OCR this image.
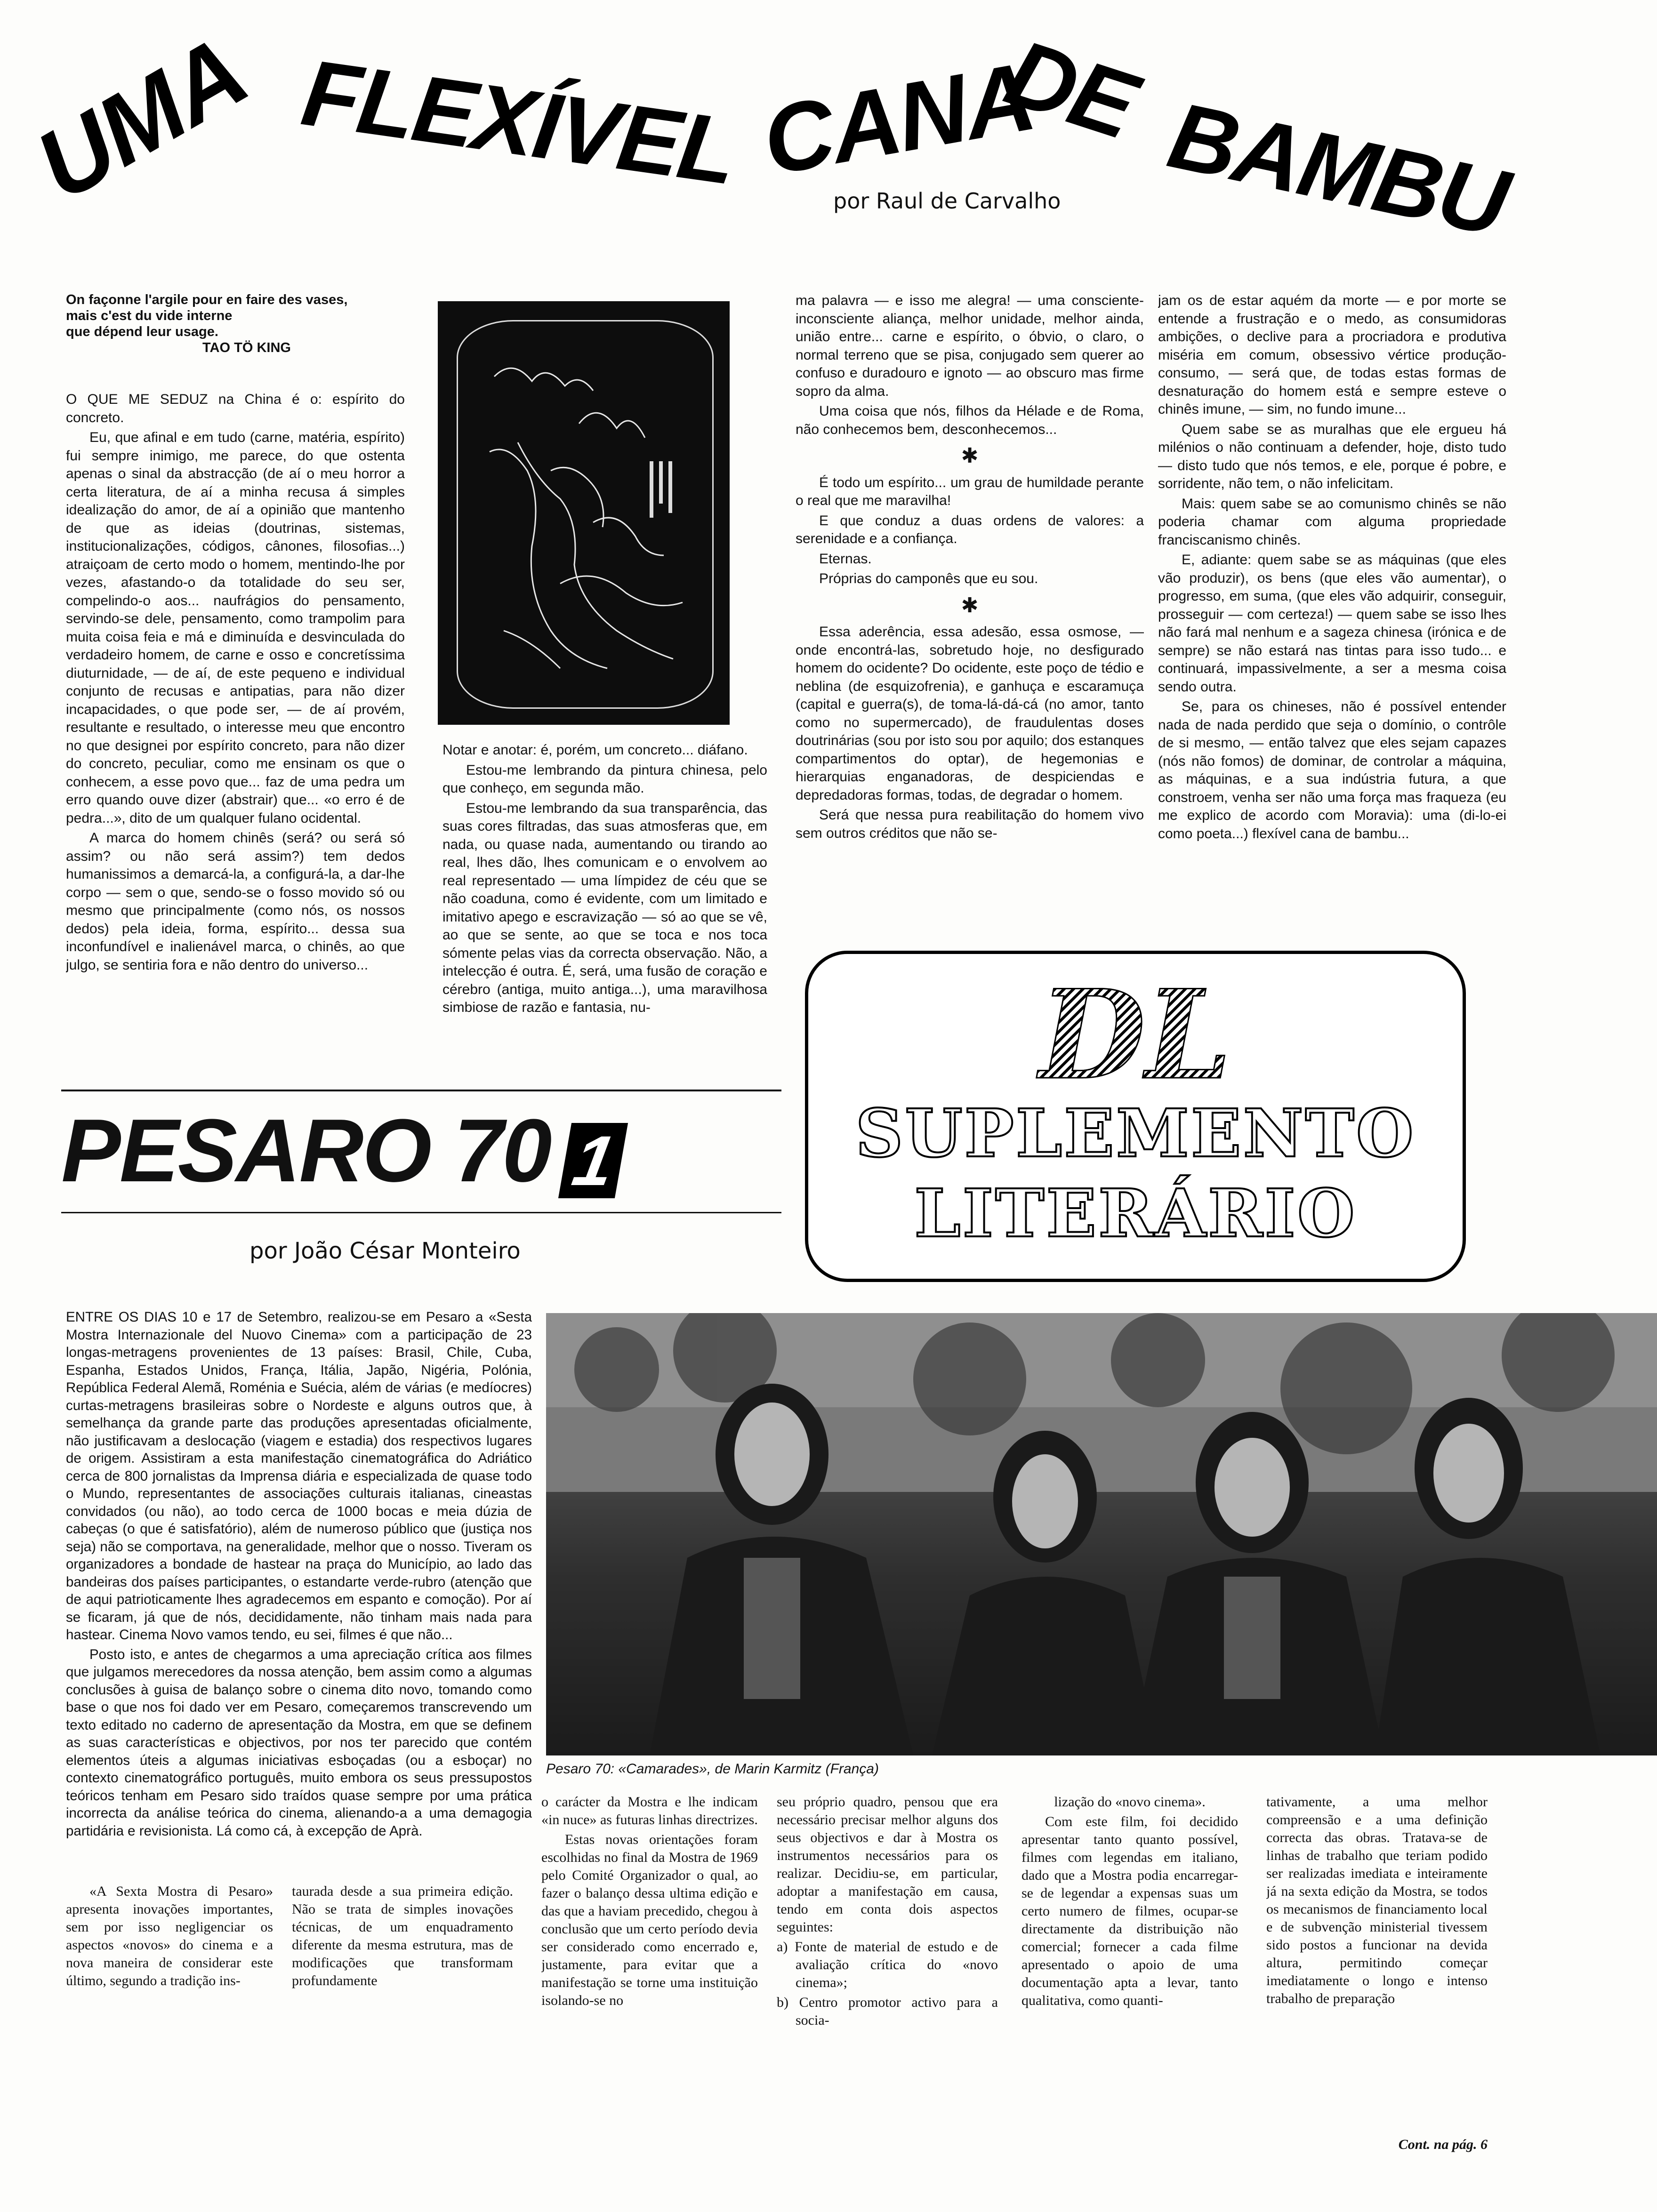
UMA FLEXÍVEL CANA
DE BAMBU
por Raul de Carvalho
On façonne l'argile pour en faire des vases,
mais c'est du vide interne
que dépend leur usage.
TAO TÖ KING

O QUE ME SEDUZ na China é o: espírito do concreto.

Eu, que afinal e em tudo (carne, matéria, espírito) fui sempre inimigo, me parece, do que ostenta apenas o sinal da abstracção (de aí o meu horror a certa literatura, de aí a minha recusa á simples idealização do amor, de aí a opinião que mantenho de que as ideias (doutrinas, sistemas, institucionalizações, códigos, cânones, filosofias...) atraiçoam de certo modo o homem, mentindo-lhe por vezes, afastando-o da totalidade do seu ser, compelindo-o aos... naufrágios do pensamento, servindo-se dele, pensamento, como trampolim para muita coisa feia e má e diminuída e desvinculada do verdadeiro homem, de carne e osso e concretíssima diuturnidade, — de aí, de este pequeno e individual conjunto de recusas e antipatias, para não dizer incapacidades, o que pode ser, — de aí provém, resultante e resultado, o interesse meu que encontro no que designei por espírito concreto, para não dizer do concreto, peculiar, como me ensinam os que o conhecem, a esse povo que... faz de uma pedra um erro quando ouve dizer (abstrair) que... «o erro é de pedra...», dito de um qualquer fulano ocidental.

A marca do homem chinês (será? ou será só assim? ou não será assim?) tem dedos humanissimos a demarcá-la, a configurá-la, a dar-lhe corpo — sem o que, sendo-se o fosso movido só ou mesmo que principalmente (como nós, os nossos dedos) pela ideia, forma, espírito... dessa sua inconfundível e inalienável marca, o chinês, ao que julgo, se sentiria fora e não dentro do universo...

Notar e anotar: é, porém, um concreto... diáfano.

Estou-me lembrando da pintura chinesa, pelo que conheço, em segunda mão.

Estou-me lembrando da sua transparência, das suas cores filtradas, das suas atmosferas que, em nada, ou quase nada, aumentando ou tirando ao real, lhes dão, lhes comunicam e o envolvem ao real representado — uma límpidez de céu que se não coaduna, como é evidente, com um limitado e imitativo apego e escravização — só ao que se vê, ao que se sente, ao que se toca e nos toca sómente pelas vias da correcta observação. Não, a intelecção é outra. É, será, uma fusão de coração e cérebro (antiga, muito antiga...), uma maravilhosa simbiose de razão e fantasia, nu-

ma palavra — e isso me alegra! — uma consciente-inconsciente aliança, melhor unidade, melhor ainda, união entre... carne e espírito, o óbvio, o claro, o normal terreno que se pisa, conjugado sem querer ao confuso e duradouro e ignoto — ao obscuro mas firme sopro da alma.

Uma coisa que nós, filhos da Hélade e de Roma, não conhecemos bem, desconhecemos...

✱

É todo um espírito... um grau de humildade perante o real que me maravilha!

E que conduz a duas ordens de valores: a serenidade e a confiança.

Eternas.

Próprias do camponês que eu sou.

✱

Essa aderência, essa adesão, essa osmose, — onde encontrá-las, sobretudo hoje, no desfigurado homem do ocidente? Do ocidente, este poço de tédio e neblina (de esquizofrenia), e ganhuça e escaramuça (capital e guerra(s), de toma-lá-dá-cá (no amor, tanto como no supermercado), de fraudulentas doses doutrinárias (sou por isto sou por aquilo; dos estanques compartimentos do optar), de hegemonias e hierarquias enganadoras, de despiciendas e depredadoras formas, todas, de degradar o homem.

Será que nessa pura reabilitação do homem vivo sem outros créditos que não se-

jam os de estar aquém da morte — e por morte se entende a frustração e o medo, as consumidoras ambições, o declive para a procriadora e produtiva miséria em comum, obsessivo vértice produção-consumo, — será que, de todas estas formas de desnaturação do homem está e sempre esteve o chinês imune, — sim, no fundo imune...

Quem sabe se as muralhas que ele ergueu há milénios o não continuam a defender, hoje, disto tudo — disto tudo que nós temos, e ele, porque é pobre, e sorridente, não tem, o não infelicitam.

Mais: quem sabe se ao comunismo chinês se não poderia chamar com alguma propriedade franciscanismo chinês.

E, adiante: quem sabe se as máquinas (que eles vão produzir), os bens (que eles vão aumentar), o progresso, em suma, (que eles vão adquirir, conseguir, prosseguir — com certeza!) — quem sabe se isso lhes não fará mal nenhum e a sageza chinesa (irónica e de sempre) se não estará nas tintas para isso tudo... e continuará, impassivelmente, a ser a mesma coisa sendo outra.

Se, para os chineses, não é possível entender nada de nada perdido que seja o domínio, o contrôle de si mesmo, — então talvez que eles sejam capazes (nós não fomos) de dominar, de controlar a máquina, as máquinas, e a sua indústria futura, a que constroem, venha ser não uma força mas fraqueza (eu me explico de acordo com Moravia): uma (di-lo-ei como poeta...) flexível cana de bambu...

DL
SUPLEMENTO
LITERÁRIO
PESARO 70 1
por João César Monteiro

ENTRE OS DIAS 10 e 17 de Setembro, realizou-se em Pesaro a «Sesta Mostra Internazionale del Nuovo Cinema» com a participação de 23 longas-metragens provenientes de 13 países: Brasil, Chile, Cuba, Espanha, Estados Unidos, França, Itália, Japão, Nigéria, Polónia, República Federal Alemã, Roménia e Suécia, além de várias (e medíocres) curtas-metragens brasileiras sobre o Nordeste e alguns outros que, à semelhança da grande parte das produções apresentadas oficialmente, não justificavam a deslocação (viagem e estadia) dos respectivos lugares de origem. Assistiram a esta manifestação cinematográfica do Adriático cerca de 800 jornalistas da Imprensa diária e especializada de quase todo o Mundo, representantes de associações culturais italianas, cineastas convidados (ou não), ao todo cerca de 1000 bocas e meia dúzia de cabeças (o que é satisfatório), além de numeroso público que (justiça nos seja) não se comportava, na generalidade, melhor que o nosso. Tiveram os organizadores a bondade de hastear na praça do Município, ao lado das bandeiras dos países participantes, o estandarte verde-rubro (atenção que de aqui patrioticamente lhes agradecemos em espanto e comoção). Por aí se ficaram, já que de nós, decididamente, não tinham mais nada para hastear. Cinema Novo vamos tendo, eu sei, filmes é que não...

Posto isto, e antes de chegarmos a uma apreciação crítica aos filmes que julgamos merecedores da nossa atenção, bem assim como a algumas conclusões à guisa de balanço sobre o cinema dito novo, tomando como base o que nos foi dado ver em Pesaro, começaremos transcrevendo um texto editado no caderno de apresentação da Mostra, em que se definem as suas características e objectivos, por nos ter parecido que contém elementos úteis a algumas iniciativas esboçadas (ou a esboçar) no contexto cinematográfico português, muito embora os seus pressupostos teóricos tenham em Pesaro sido traídos quase sempre por uma prática incorrecta da análise teórica do cinema, alienando-a a uma demagogia partidária e revisionista. Lá como cá, à excepção de Aprà.

Pesaro 70: «Camarades», de Marin Karmitz (França)

«A Sexta Mostra di Pesaro» apresenta inovações importantes, sem por isso negligenciar os aspectos «novos» do cinema e a nova maneira de considerar este último, segundo a tradição ins-

taurada desde a sua primeira edição. Não se trata de simples inovações técnicas, de um enquadramento diferente da mesma estrutura, mas de modificações que transformam profundamente

o carácter da Mostra e lhe indicam «in nuce» as futuras linhas directrizes.

Estas novas orientações foram escolhidas no final da Mostra de 1969 pelo Comité Organizador o qual, ao fazer o balanço dessa ultima edição e das que a haviam precedido, chegou à conclusão que um certo período devia ser considerado como encerrado e, justamente, para evitar que a manifestação se torne uma instituição isolando-se no

seu próprio quadro, pensou que era necessário precisar melhor alguns dos seus objectivos e dar à Mostra os instrumentos necessários para os realizar. Decidiu-se, em particular, adoptar a manifestação em causa, tendo em conta dois aspectos seguintes:

a) Fonte de material de estudo e de avaliação crítica do «novo cinema»;

b) Centro promotor activo para a socia-

lização do «novo cinema».

Com este film, foi decidido apresentar tanto quanto possível, filmes com legendas em italiano, dado que a Mostra podia encarregar-se de legendar a expensas suas um certo numero de filmes, ocupar-se directamente da distribuição não comercial; fornecer a cada filme apresentado o apoio de uma documentação apta a levar, tanto qualitativa, como quanti-

tativamente, a uma melhor compreensão e a uma definição correcta das obras. Tratava-se de linhas de trabalho que teriam podido ser realizadas imediata e inteiramente já na sexta edição da Mostra, se todos os mecanismos de financiamento local e de subvenção ministerial tivessem sido postos a funcionar na devida altura, permitindo começar imediatamente o longo e intenso trabalho de preparação

Cont. na pág. 6
